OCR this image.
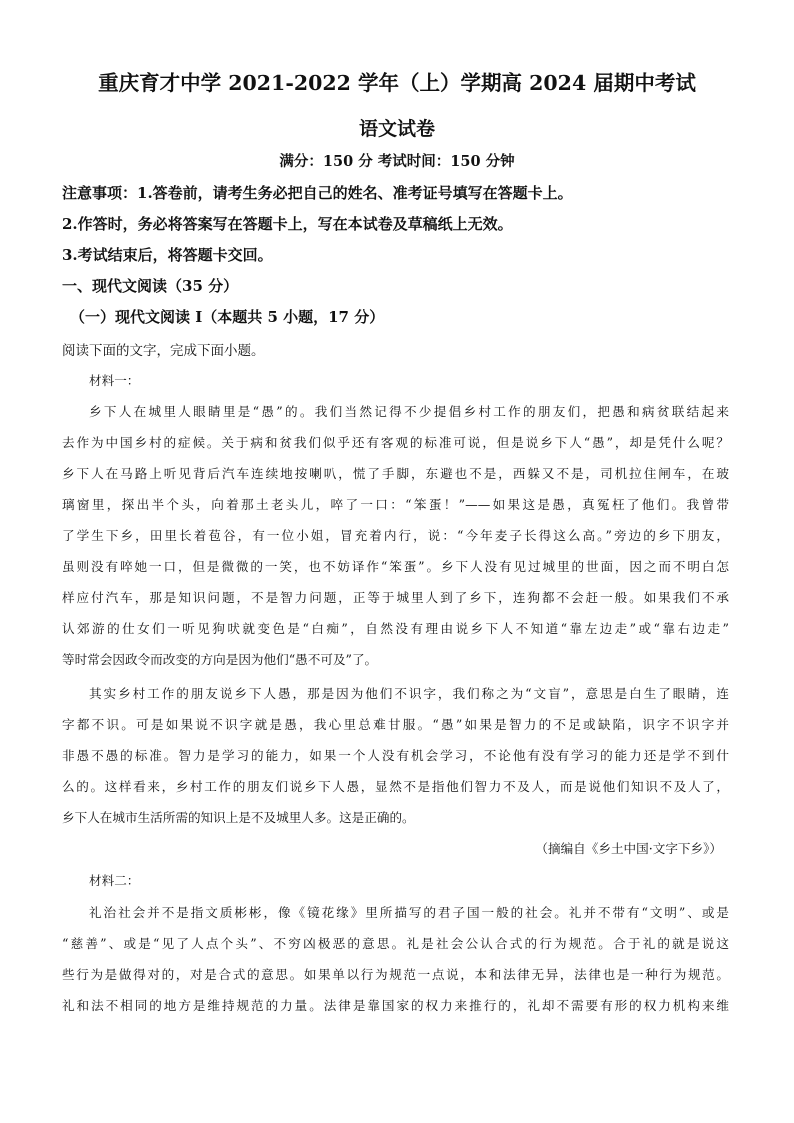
重庆育才中学 2021-2022 学年（上）学期高 2024 届期中考试
语文试卷
满分：150 分 考试时间：150 分钟
注意事项：1.答卷前，请考生务必把自己的姓名、准考证号填写在答题卡上。
2.作答时，务必将答案写在答题卡上，写在本试卷及草稿纸上无效。
3.考试结束后，将答题卡交回。
一、现代文阅读（35 分）
（一）现代文阅读 I（本题共 5 小题，17 分）
阅读下面的文字，完成下面小题。
材料一：
乡下人在城里人眼睛里是“愚”的。我们当然记得不少提倡乡村工作的朋友们，把愚和病贫联结起来
去作为中国乡村的症候。关于病和贫我们似乎还有客观的标准可说，但是说乡下人“愚”，却是凭什么呢？
乡下人在马路上听见背后汽车连续地按喇叭，慌了手脚，东避也不是，西躲又不是，司机拉住闸车，在玻
璃窗里，探出半个头，向着那土老头儿，啐了一口：“笨蛋！”——如果这是愚，真冤枉了他们。我曾带
了学生下乡，田里长着苞谷，有一位小姐，冒充着内行，说：“今年麦子长得这么高。”旁边的乡下朋友，
虽则没有啐她一口，但是微微的一笑，也不妨译作“笨蛋”。乡下人没有见过城里的世面，因之而不明白怎
样应付汽车，那是知识问题，不是智力问题，正等于城里人到了乡下，连狗都不会赶一般。如果我们不承
认郊游的仕女们一听见狗吠就变色是“白痴”，自然没有理由说乡下人不知道“靠左边走”或“靠右边走”
等时常会因政令而改变的方向是因为他们“愚不可及”了。
其实乡村工作的朋友说乡下人愚，那是因为他们不识字，我们称之为“文盲”，意思是白生了眼睛，连
字都不识。可是如果说不识字就是愚，我心里总难甘服。“愚”如果是智力的不足或缺陷，识字不识字并
非愚不愚的标准。智力是学习的能力，如果一个人没有机会学习，不论他有没有学习的能力还是学不到什
么的。这样看来，乡村工作的朋友们说乡下人愚，显然不是指他们智力不及人，而是说他们知识不及人了，
乡下人在城市生活所需的知识上是不及城里人多。这是正确的。
（摘编自《乡土中国·文字下乡》）
材料二：
礼治社会并不是指文质彬彬，像《镜花缘》里所描写的君子国一般的社会。礼并不带有“文明”、或是
“慈善”、或是“见了人点个头”、不穷凶极恶的意思。礼是社会公认合式的行为规范。合于礼的就是说这
些行为是做得对的，对是合式的意思。如果单以行为规范一点说，本和法律无异，法律也是一种行为规范。
礼和法不相同的地方是维持规范的力量。法律是靠国家的权力来推行的，礼却不需要有形的权力机构来维
